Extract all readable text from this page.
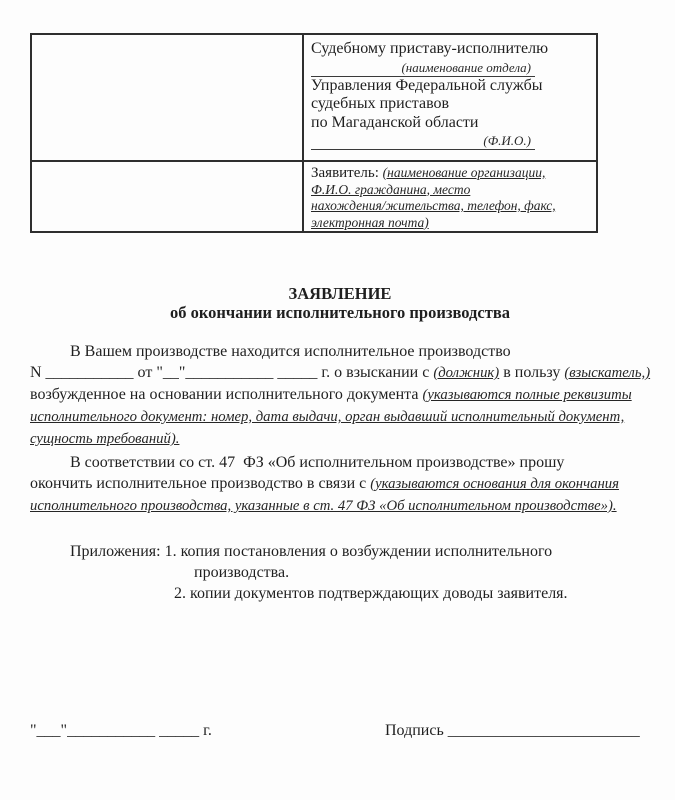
Судебному приставу-исполнителю
(наименование отдела)
Управления Федеральной службы
судебных приставов
по Магаданской области
(Ф.И.О.)
Заявитель: (наименование организации,
Ф.И.О. гражданина, место
нахождения/жительства, телефон, факс,
электронная почта)
ЗАЯВЛЕНИЕ
об окончании исполнительного производства
В Вашем производстве находится исполнительное производство
N ___________ от "__"___________ _____ г. о взыскании с (должник) в пользу (взыскатель,)
возбужденное на основании исполнительного документа (указываются полные реквизиты
исполнительного документ: номер, дата выдачи, орган выдавший исполнительный документ,
сущность требований).
В соответствии со ст. 47  ФЗ «Об исполнительном производстве» прошу
окончить исполнительное производство в связи с (указываются основания для окончания
исполнительного производства, указанные в ст. 47 ФЗ «Об исполнительном производстве»).
Приложения: 1. копия постановления о возбуждении исполнительного
производства.
2. копии документов подтверждающих доводы заявителя.

"___"___________ _____ г.

	Подпись ________________________
